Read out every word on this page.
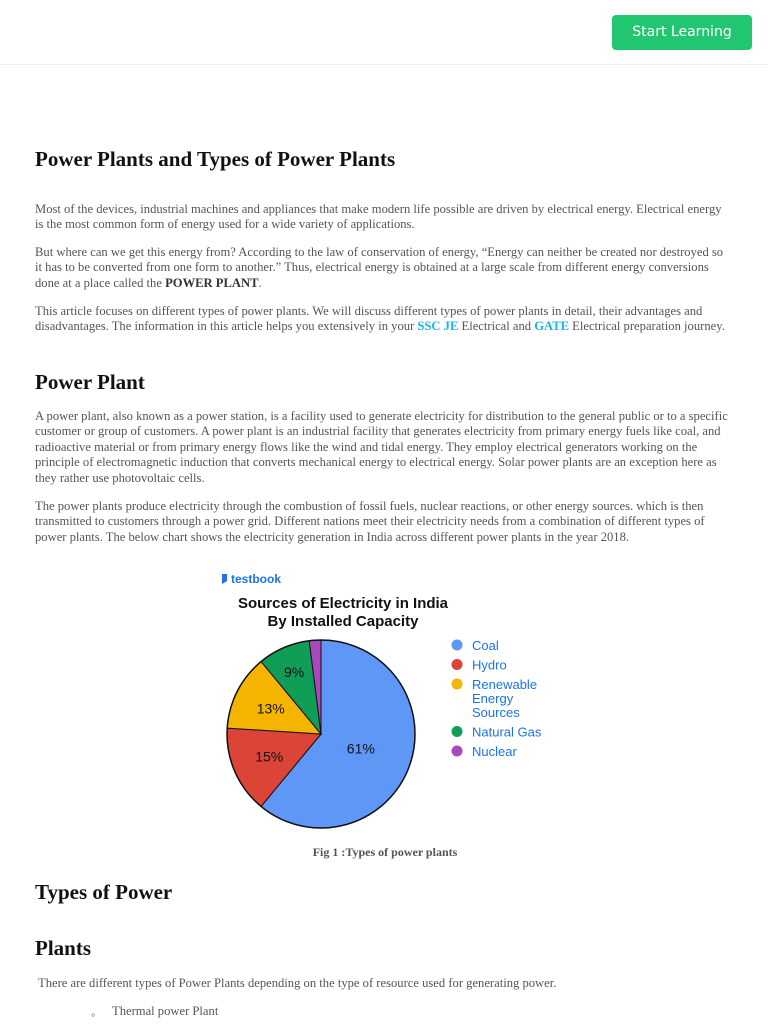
Start Learning
Power Plants and Types of Power Plants

Most of the devices, industrial machines and appliances that make modern life possible are driven by electrical energy. Electrical energy is the most common form of energy used for a wide variety of applications.

But where can we get this energy from? According to the law of conservation of energy, “Energy can neither be created nor destroyed so it has to be converted from one form to another.” Thus, electrical energy is obtained at a large scale from different energy conversions done at a place called the POWER PLANT.

This article focuses on different types of power plants. We will discuss different types of power plants in detail, their advantages and disadvantages. The information in this article helps you extensively in your SSC JE Electrical and GATE Electrical preparation journey.

Power Plant

A power plant, also known as a power station, is a facility used to generate electricity for distribution to the general public or to a specific customer or group of customers. A power plant is an industrial facility that generates electricity from primary energy fuels like coal, and radioactive material or from primary energy flows like the wind and tidal energy. They employ electrical generators working on the principle of electromagnetic induction that converts mechanical energy to electrical energy. Solar power plants are an exception here as they rather use photovoltaic cells.

The power plants produce electricity through the combustion of fossil fuels, nuclear reactions, or other energy sources. which is then transmitted to customers through a power grid. Different nations meet their electricity needs from a combination of different types of power plants. The below chart shows the electricity generation in India across different power plants in the year 2018.

Fig 1 :Types of power plants
Types of Power
Plants

There are different types of Power Plants depending on the type of resource used for generating power.

◦ Thermal power Plant
testbook
Sources of Electricity in India
By Installed Capacity
61%
15%
13%
9%
Coal
Hydro
Renewable Energy Sources
Natural Gas
Nuclear
